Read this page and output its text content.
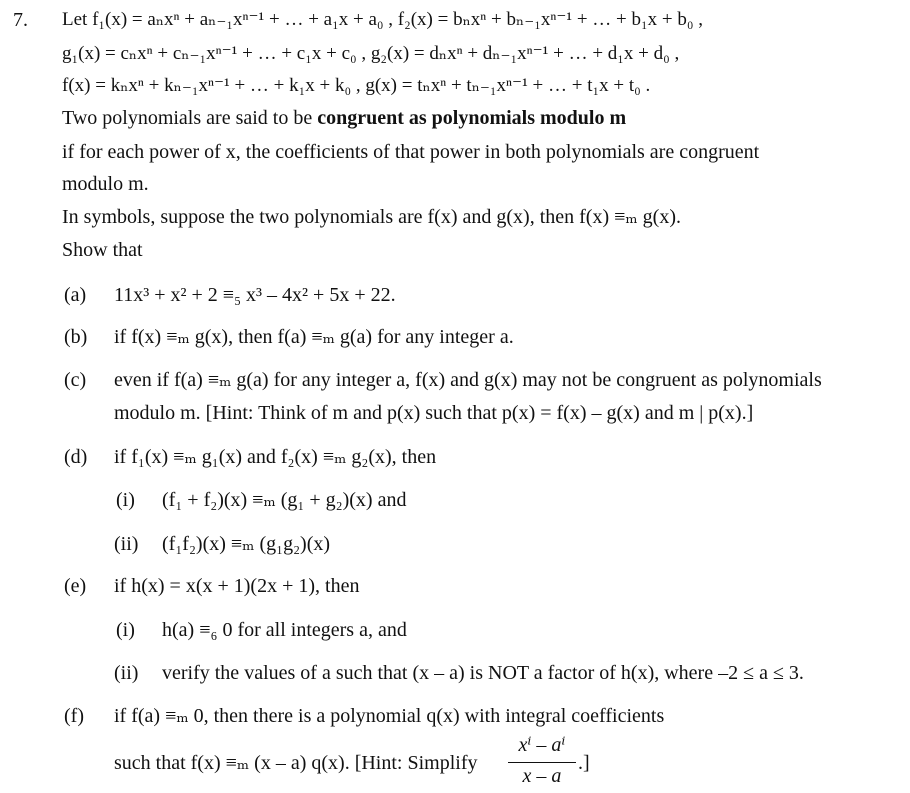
7. Let f₁(x) = aₙxⁿ + aₙ₋₁xⁿ⁻¹ + … + a₁x + a₀ , f₂(x) = bₙxⁿ + bₙ₋₁xⁿ⁻¹ + … + b₁x + b₀ ,
g₁(x) = cₙxⁿ + cₙ₋₁xⁿ⁻¹ + … + c₁x + c₀ , g₂(x) = dₙxⁿ + dₙ₋₁xⁿ⁻¹ + … + d₁x + d₀ ,
f(x) = kₙxⁿ + kₙ₋₁xⁿ⁻¹ + … + k₁x + k₀ , g(x) = tₙxⁿ + tₙ₋₁xⁿ⁻¹ + … + t₁x + t₀ .
Two polynomials are said to be congruent as polynomials modulo m
if for each power of x, the coefficients of that power in both polynomials are congruent
modulo m.
In symbols, suppose the two polynomials are f(x) and g(x), then f(x) ≡ₘ g(x).
Show that
(a) 11x³ + x² + 2 ≡₅ x³ – 4x² + 5x + 22.
(b) if f(x) ≡ₘ g(x), then f(a) ≡ₘ g(a) for any integer a.
(c) even if f(a) ≡ₘ g(a) for any integer a, f(x) and g(x) may not be congruent as polynomials
modulo m. [Hint: Think of m and p(x) such that p(x) = f(x) – g(x) and m | p(x).]
(d) if f₁(x) ≡ₘ g₁(x) and f₂(x) ≡ₘ g₂(x), then
(i) (f₁ + f₂)(x) ≡ₘ (g₁ + g₂)(x) and
(ii) (f₁f₂)(x) ≡ₘ (g₁g₂)(x)
(e) if h(x) = x(x + 1)(2x + 1), then
(i) h(a) ≡₆ 0 for all integers a, and
(ii) verify the values of a such that (x – a) is NOT a factor of h(x), where –2 ≤ a ≤ 3.
(f) if f(a) ≡ₘ 0, then there is a polynomial q(x) with integral coefficients
such that f(x) ≡ₘ (x – a) q(x). [Hint: Simplify
xⁱ – aⁱ
x – a
.]
